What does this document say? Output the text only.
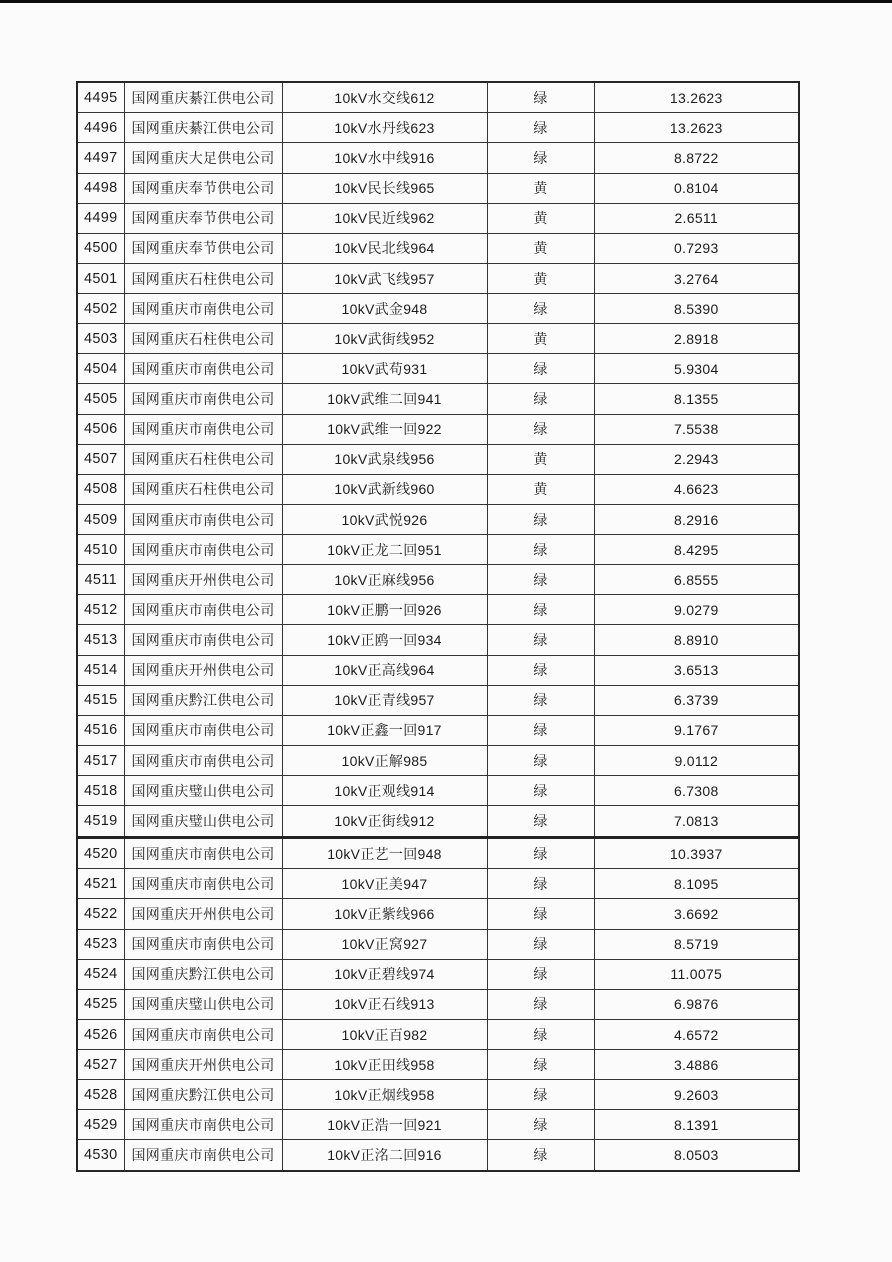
4495	国网重庆綦江供电公司	10kV水交线612	绿	13.2623
4496	国网重庆綦江供电公司	10kV水丹线623	绿	13.2623
4497	国网重庆大足供电公司	10kV水中线916	绿	8.8722
4498	国网重庆奉节供电公司	10kV民长线965	黄	0.8104
4499	国网重庆奉节供电公司	10kV民近线962	黄	2.6511
4500	国网重庆奉节供电公司	10kV民北线964	黄	0.7293
4501	国网重庆石柱供电公司	10kV武飞线957	黄	3.2764
4502	国网重庆市南供电公司	10kV武金948	绿	8.5390
4503	国网重庆石柱供电公司	10kV武街线952	黄	2.8918
4504	国网重庆市南供电公司	10kV武苟931	绿	5.9304
4505	国网重庆市南供电公司	10kV武维二回941	绿	8.1355
4506	国网重庆市南供电公司	10kV武维一回922	绿	7.5538
4507	国网重庆石柱供电公司	10kV武泉线956	黄	2.2943
4508	国网重庆石柱供电公司	10kV武新线960	黄	4.6623
4509	国网重庆市南供电公司	10kV武悦926	绿	8.2916
4510	国网重庆市南供电公司	10kV正龙二回951	绿	8.4295
4511	国网重庆开州供电公司	10kV正麻线956	绿	6.8555
4512	国网重庆市南供电公司	10kV正鹏一回926	绿	9.0279
4513	国网重庆市南供电公司	10kV正鸥一回934	绿	8.8910
4514	国网重庆开州供电公司	10kV正高线964	绿	3.6513
4515	国网重庆黔江供电公司	10kV正青线957	绿	6.3739
4516	国网重庆市南供电公司	10kV正鑫一回917	绿	9.1767
4517	国网重庆市南供电公司	10kV正解985	绿	9.0112
4518	国网重庆璧山供电公司	10kV正观线914	绿	6.7308
4519	国网重庆璧山供电公司	10kV正街线912	绿	7.0813
4520	国网重庆市南供电公司	10kV正艺一回948	绿	10.3937
4521	国网重庆市南供电公司	10kV正美947	绿	8.1095
4522	国网重庆开州供电公司	10kV正紫线966	绿	3.6692
4523	国网重庆市南供电公司	10kV正窝927	绿	8.5719
4524	国网重庆黔江供电公司	10kV正碧线974	绿	11.0075
4525	国网重庆璧山供电公司	10kV正石线913	绿	6.9876
4526	国网重庆市南供电公司	10kV正百982	绿	4.6572
4527	国网重庆开州供电公司	10kV正田线958	绿	3.4886
4528	国网重庆黔江供电公司	10kV正烟线958	绿	9.2603
4529	国网重庆市南供电公司	10kV正浩一回921	绿	8.1391
4530	国网重庆市南供电公司	10kV正洺二回916	绿	8.0503
